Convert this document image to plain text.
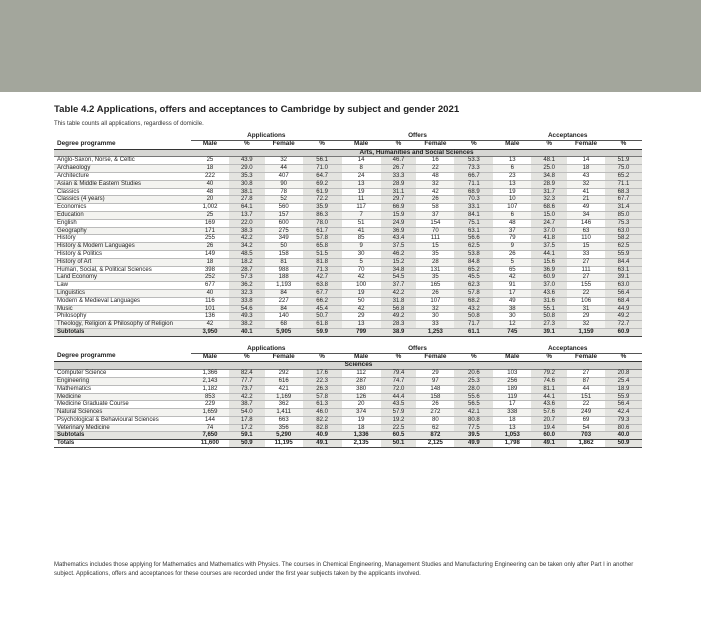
Table 4.2 Applications, offers and acceptances to Cambridge by subject and gender 2021
This table counts all applications, regardless of domicile.
	Applications				Offers				Acceptances			
Degree programme	Male	%	Female	%	Male	%	Female	%	Male	%	Female	%
	Arts, Humanities and Social Sciences											
Anglo-Saxon, Norse, & Celtic	25	43.9	32	56.1	14	46.7	16	53.3	13	48.1	14	51.9
Archaeology	18	29.0	44	71.0	8	26.7	22	73.3	6	25.0	18	75.0
Architecture	222	35.3	407	64.7	24	33.3	48	66.7	23	34.8	43	65.2
Asian & Middle Eastern Studies	40	30.8	90	69.2	13	28.9	32	71.1	13	28.9	32	71.1
Classics	48	38.1	78	61.9	19	31.1	42	68.9	19	31.7	41	68.3
Classics (4 years)	20	27.8	52	72.2	11	29.7	26	70.3	10	32.3	21	67.7
Economics	1,002	64.1	560	35.9	117	66.9	58	33.1	107	68.6	49	31.4
Education	25	13.7	157	86.3	7	15.9	37	84.1	6	15.0	34	85.0
English	169	22.0	600	78.0	51	24.9	154	75.1	48	24.7	146	75.3
Geography	171	38.3	275	61.7	41	36.9	70	63.1	37	37.0	63	63.0
History	255	42.2	349	57.8	85	43.4	111	56.6	79	41.8	110	58.2
History & Modern Languages	26	34.2	50	65.8	9	37.5	15	62.5	9	37.5	15	62.5
History & Politics	149	48.5	158	51.5	30	46.2	35	53.8	26	44.1	33	55.9
History of Art	18	18.2	81	81.8	5	15.2	28	84.8	5	15.6	27	84.4
Human, Social, & Political Sciences	398	28.7	988	71.3	70	34.8	131	65.2	65	36.9	111	63.1
Land Economy	252	57.3	188	42.7	42	54.5	35	45.5	42	60.9	27	39.1
Law	677	36.2	1,193	63.8	100	37.7	165	62.3	91	37.0	155	63.0
Linguistics	40	32.3	84	67.7	19	42.2	26	57.8	17	43.6	22	56.4
Modern & Medieval Languages	116	33.8	227	66.2	50	31.8	107	68.2	49	31.6	106	68.4
Music	101	54.6	84	45.4	42	56.8	32	43.2	38	55.1	31	44.9
Philosophy	136	49.3	140	50.7	29	49.2	30	50.8	30	50.8	29	49.2
Theology, Religion & Philosophy of Religion	42	38.2	68	61.8	13	28.3	33	71.7	12	27.3	32	72.7
Subtotals	3,950	40.1	5,905	59.9	799	38.9	1,253	61.1	745	39.1	1,159	60.9
	Applications				Offers				Acceptances			
Degree programme	Male	%	Female	%	Male	%	Female	%	Male	%	Female	%
					Sciences							
Computer Science	1,366	82.4	292	17.6	112	79.4	29	20.6	103	79.2	27	20.8
Engineering	2,143	77.7	616	22.3	287	74.7	97	25.3	256	74.6	87	25.4
Mathematics	1,182	73.7	421	26.3	380	72.0	148	28.0	189	81.1	44	18.9
Medicine	853	42.2	1,169	57.8	126	44.4	158	55.6	119	44.1	151	55.9
Medicine Graduate Course	229	38.7	362	61.3	20	43.5	26	56.5	17	43.6	22	56.4
Natural Sciences	1,659	54.0	1,411	46.0	374	57.9	272	42.1	338	57.6	249	42.4
Psychological & Behavioural Sciences	144	17.8	663	82.2	19	19.2	80	80.8	18	20.7	69	79.3
Veterinary Medicine	74	17.2	356	82.8	18	22.5	62	77.5	13	19.4	54	80.6
Subtotals	7,650	59.1	5,290	40.9	1,336	60.5	872	39.5	1,053	60.0	703	40.0
Totals	11,600	50.9	11,195	49.1	2,135	50.1	2,125	49.9	1,798	49.1	1,862	50.9
Mathematics includes those applying for Mathematics and Mathematics with Physics. The courses in Chemical Engineering, Management Studies and Manufacturing Engineering can be taken only after Part I in another subject. Applications, offers and acceptances for these courses are recorded under the first year subjects taken by the applicants involved.
